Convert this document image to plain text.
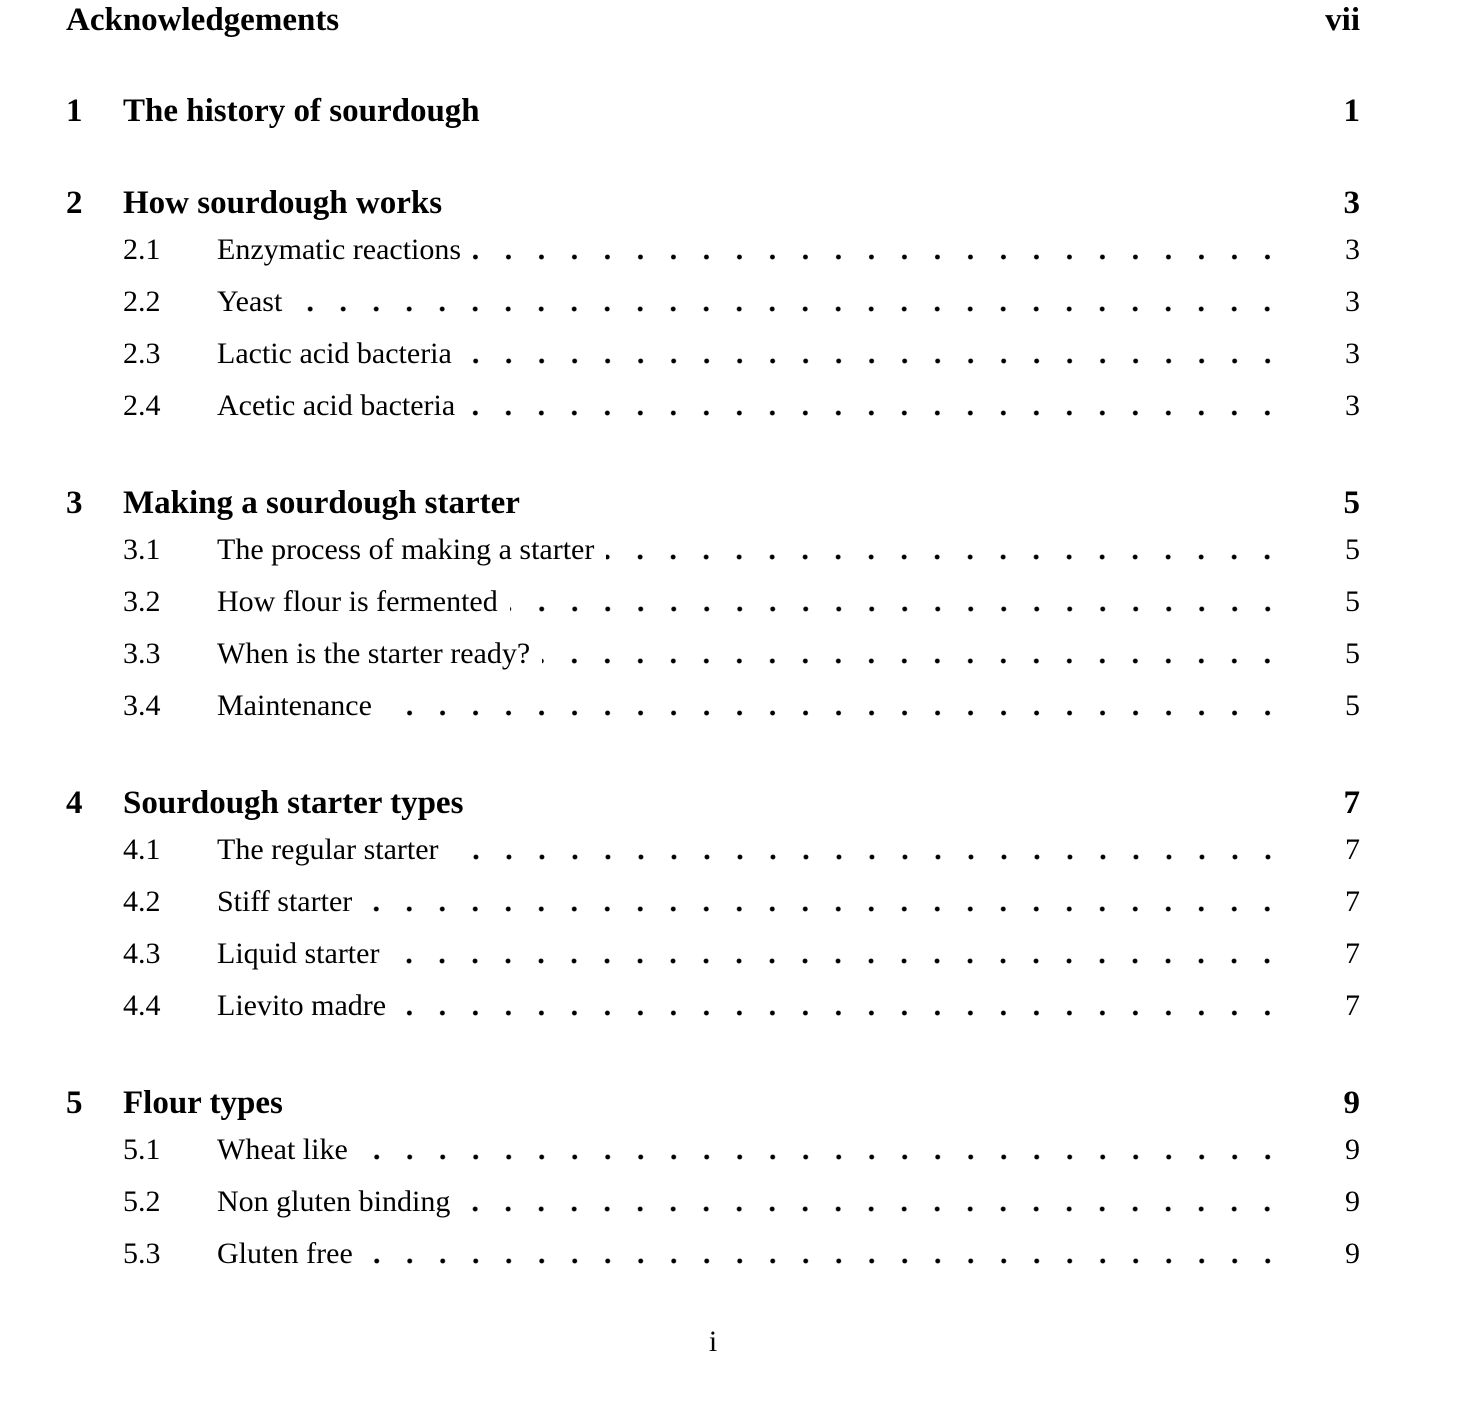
Acknowledgements	vii
1	The history of sourdough	1
2	How sourdough works	3
2.1	Enzymatic reactions	3
2.2	Yeast	3
2.3	Lactic acid bacteria	3
2.4	Acetic acid bacteria	3
3	Making a sourdough starter	5
3.1	The process of making a starter	5
3.2	How flour is fermented	5
3.3	When is the starter ready?	5
3.4	Maintenance	5
4	Sourdough starter types	7
4.1	The regular starter	7
4.2	Stiff starter	7
4.3	Liquid starter	7
4.4	Lievito madre	7
5	Flour types	9
5.1	Wheat like	9
5.2	Non gluten binding	9
5.3	Gluten free	9
i
